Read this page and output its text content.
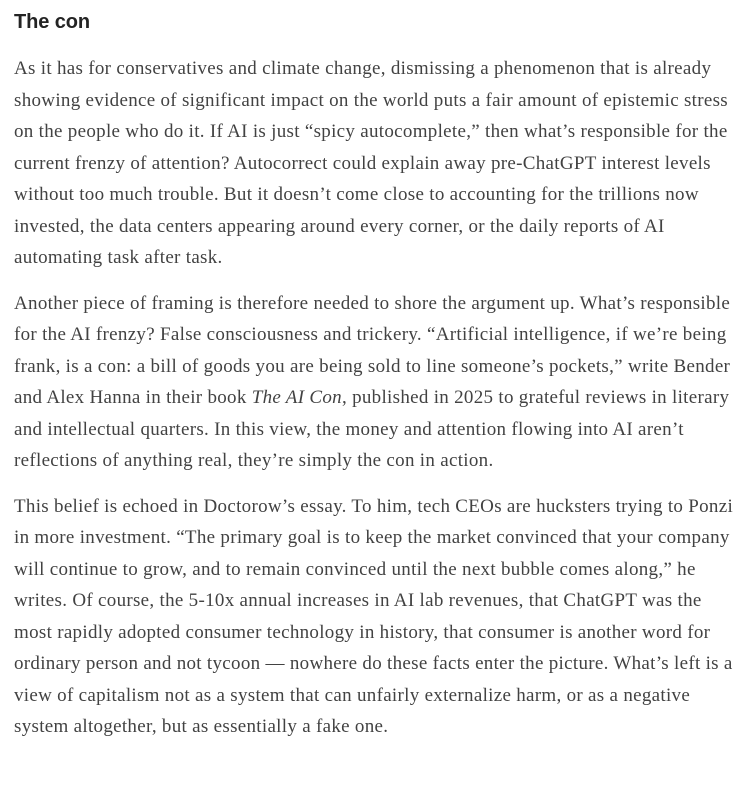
The con

As it has for conservatives and climate change, dismissing a phenomenon that is already showing evidence of significant impact on the world puts a fair amount of epistemic stress on the people who do it. If AI is just “spicy autocomplete,” then what’s responsible for the current frenzy of attention? Autocorrect could explain away pre-ChatGPT interest levels without too much trouble. But it doesn’t come close to accounting for the trillions now invested, the data centers appearing around every corner, or the daily reports of AI automating task after task.

Another piece of framing is therefore needed to shore the argument up. What’s responsible for the AI frenzy? False consciousness and trickery. “Artificial intelligence, if we’re being frank, is a con: a bill of goods you are being sold to line someone’s pockets,” write Bender and Alex Hanna in their book The AI Con, published in 2025 to grateful reviews in literary and intellectual quarters. In this view, the money and attention flowing into AI aren’t reflections of anything real, they’re simply the con in action.

This belief is echoed in Doctorow’s essay. To him, tech CEOs are hucksters trying to Ponzi in more investment. “The primary goal is to keep the market convinced that your company will continue to grow, and to remain convinced until the next bubble comes along,” he writes. Of course, the 5-10x annual increases in AI lab revenues, that ChatGPT was the most rapidly adopted consumer technology in history, that consumer is another word for ordinary person and not tycoon — nowhere do these facts enter the picture. What’s left is a view of capitalism not as a system that can unfairly externalize harm, or as a negative system altogether, but as essentially a fake one.
